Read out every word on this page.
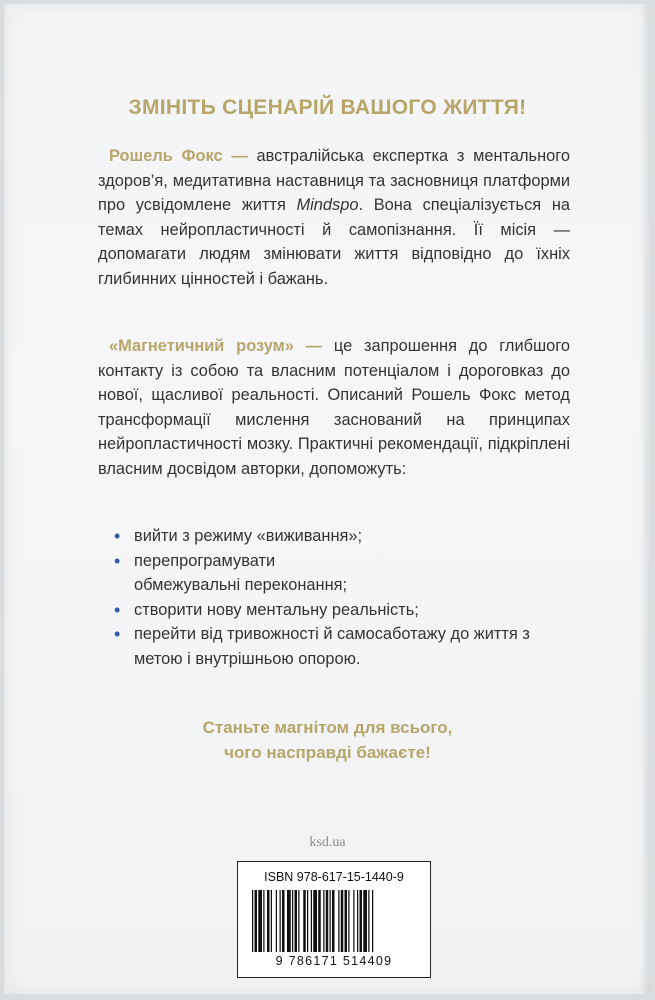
ЗМІНІТЬ СЦЕНАРІЙ ВАШОГО ЖИТТЯ!

Рошель Фокс — австралійська експертка з ментального здоров’я, медитативна наставниця та засновниця платформи про усвідомлене життя Mindspo. Вона спеціалізується на темах нейропластичності й самопізнання. Її місія — допомагати людям змінювати життя відповідно до їхніх глибинних цінностей і бажань.

«Магнетичний розум» — це запрошення до глибшого контакту із собою та власним потенціалом і дороговказ до нової, щасливої реальності. Описаний Рошель Фокс метод трансформації мислення заснований на принципах нейропластичності мозку. Практичні рекомендації, підкріплені власним досвідом авторки, допоможуть:

• вийти з режиму «виживання»;
• перепрограмувати обмежувальні переконання;
• створити нову ментальну реальність;
• перейти від тривожності й самосаботажу до життя з метою і внутрішньою опорою.
Станьте магнітом для всього,
чого насправді бажаєте!
ksd.ua
ISBN 978-617-15-1440-9
9 786171 514409
